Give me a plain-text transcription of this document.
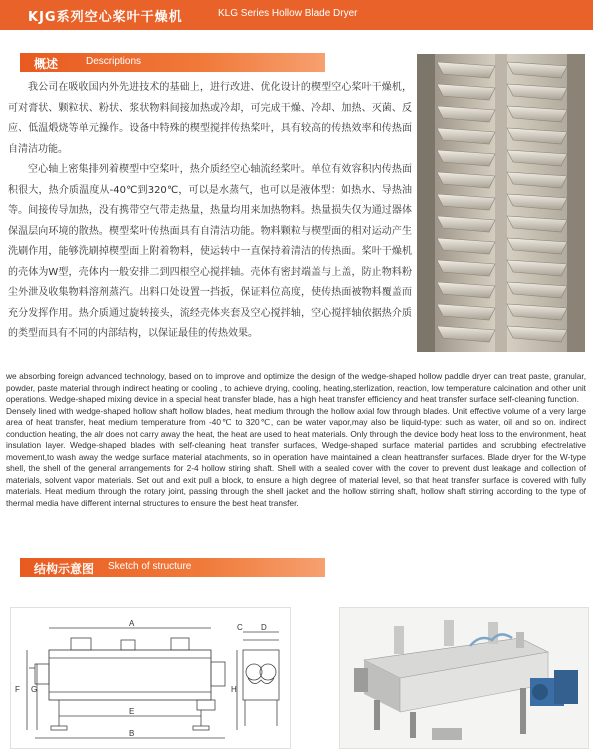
KJG系列空心桨叶干燥机	KLG Series Hollow Blade Dryer
概述	Descriptions

我公司在吸收国内外先进技术的基础上，进行改进、优化设计的楔型空心桨叶干燥机，可对膏状、颗粒状、粉状、浆状物料间接加热或冷却，可完成干燥、冷却、加热、灭菌、反应、低温煅烧等单元操作。设备中特殊的楔型搅拌传热桨叶，具有较高的传热效率和传热面自清洁功能。

空心轴上密集排列着楔型中空桨叶，热介质经空心轴流经桨叶。单位有效容积内传热面积很大，热介质温度从-40℃到320℃，可以是水蒸气，也可以是液体型：如热水、导热油等。间接传导加热，没有携带空气带走热量，热量均用来加热物料。热量损失仅为通过器体保温层向环境的散热。楔型桨叶传热面具有自清洁功能。物料颗粒与楔型面的相对运动产生洗刷作用，能够洗刷掉楔型面上附着物料，使运转中一直保持着清洁的传热面。桨叶干燥机的壳体为W型，壳体内一般安排二到四根空心搅拌轴。壳体有密封端盖与上盖，防止物料粉尘外泄及收集物料溶剂蒸汽。出料口处设置一挡扳，保证料位高度，使传热面被物料覆盖而充分发挥作用。热介质通过旋转接头，流经壳体夹套及空心搅拌轴，空心搅拌轴依据热介质的类型而具有不同的内部结构，以保证最佳的传热效果。

we absorbing foreign advanced technology, based on to improve and optimize the design of the wedge-shaped hollow paddle dryer can treat paste, granular, powder, paste material through indirect heating or cooling , to achieve drying, cooling, heating,sterlization, reaction, low temperature calcination and other unit operations. Wedge-shaped mixing device in a special heat transfer blade, has a high heat transfer efficiency and heat transfer surface self-cleaning function.

Densely lined with wedge-shaped hollow shaft hollow blades, heat medium through the hollow axial fow through blades. Unit effective volume of a very large area of heat transfer, heat medium temperature from -40℃ to 320℃, can be water vapor,may also be liquid-type: such as water, oil and so on. indirect conduction heating, the alr does not carry away the heat, the heat are used to heat materials. Only through the device body heat loss to the environment, heat insulation layer. Wedge-shaped blades with self-cleaning heat transfer surfaces, Wedge-shaped surface material partides and scrubbing efectrelative movement,to wash away the wedge surface material atachments, so in operation have maintained a clean heattransfer surfaces. Blade dryer for the W-type shell, the shell of the general arrangements for 2-4 hollow stiring shaft. Shell with a sealed cover with the cover to prevent dust leakage and collection of materials, solvent vapor materials. Set out and exit pull a block, to ensure a high degree of material level, so that heat transfer surface is covered with fully materials. Heat medium through the rotary joint, passing through the shell jacket and the hollow stirring shaft, hollow shaft stirring according to the type of thermal media have different internal structures to ensure the best heat transfer.

结构示意图 Sketch of structure
A
B
C D
E
F G	H
